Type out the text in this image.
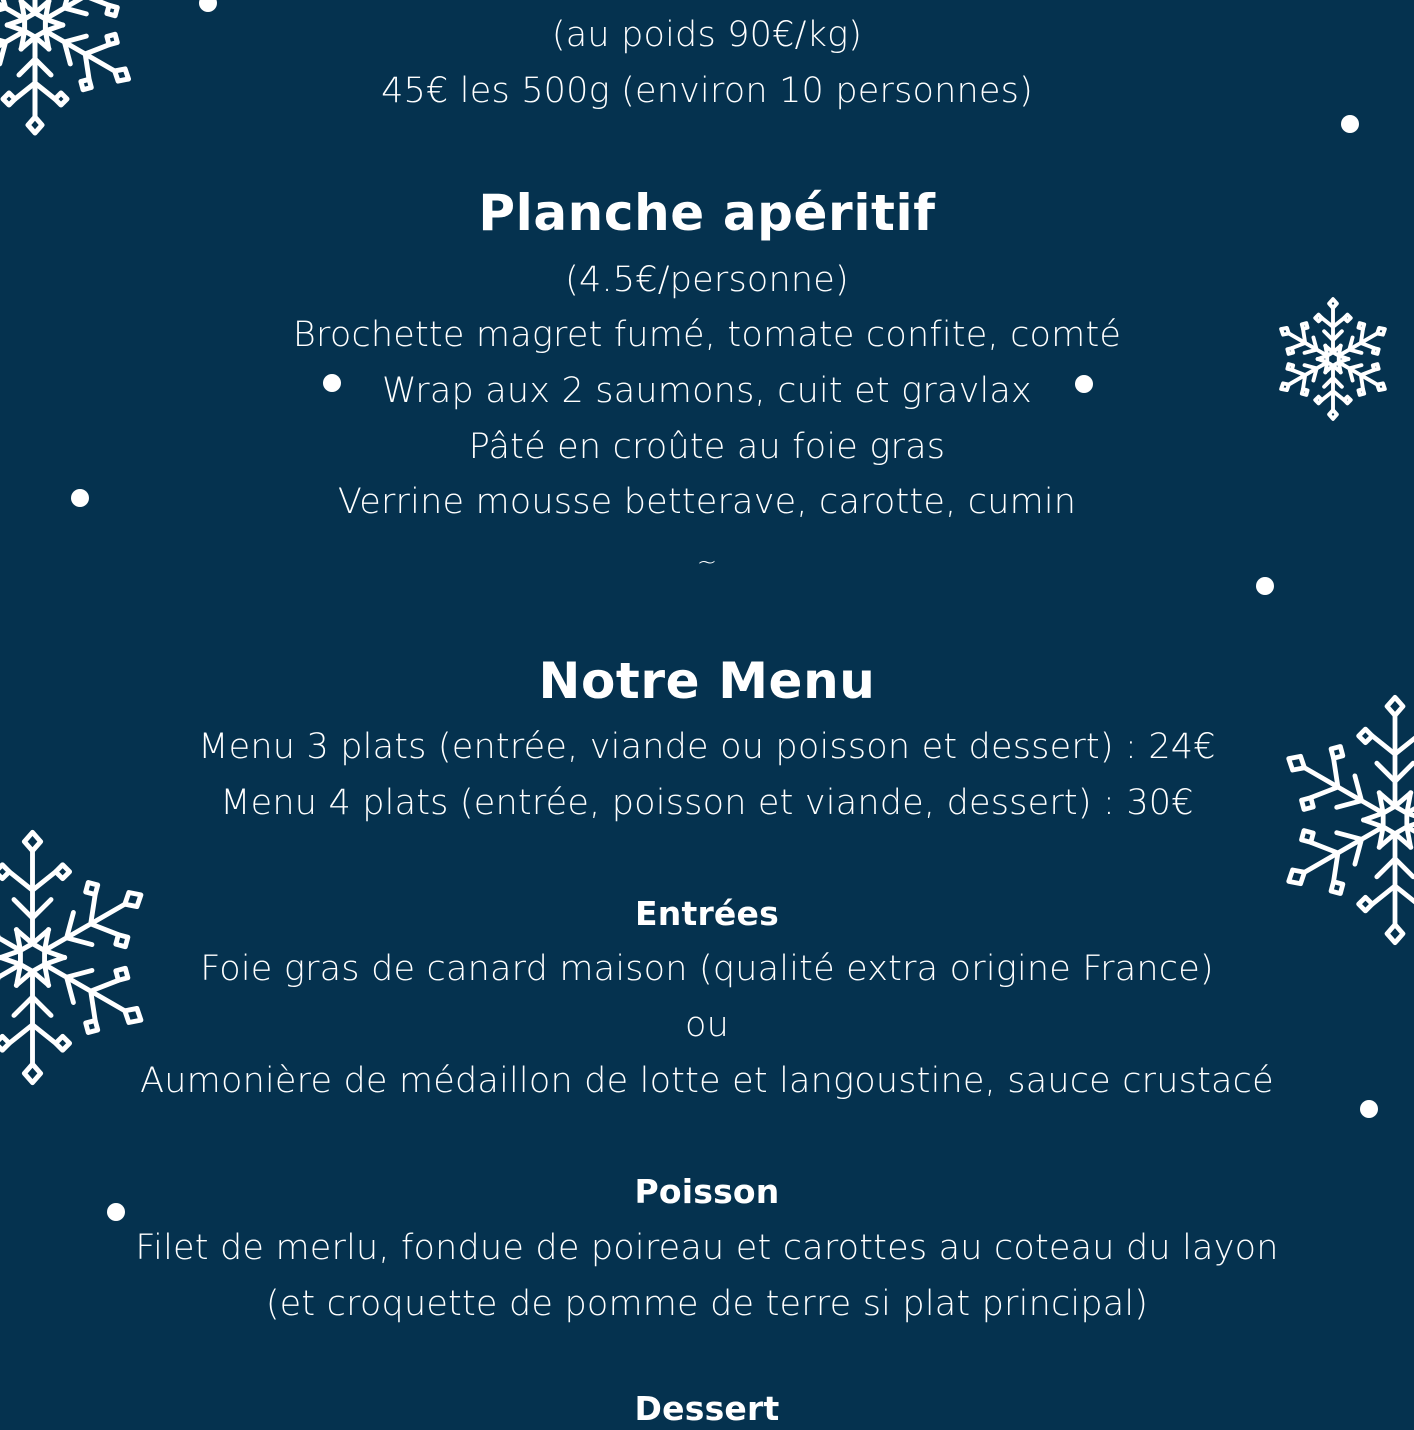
(au poids 90€/kg)
45€ les 500g (environ 10 personnes)
Planche apéritif
(4.5€/personne)
Brochette magret fumé, tomate confite, comté
Wrap aux 2 saumons, cuit et gravlax
Pâté en croûte au foie gras
Verrine mousse betterave, carotte, cumin
~
Notre Menu
Menu 3 plats (entrée, viande ou poisson et dessert) : 24€
Menu 4 plats (entrée, poisson et viande, dessert) : 30€
Entrées
Foie gras de canard maison (qualité extra origine France)
ou
Aumonière de médaillon de lotte et langoustine, sauce crustacé
Poisson
Filet de merlu, fondue de poireau et carottes au coteau du layon
(et croquette de pomme de terre si plat principal)
Dessert
